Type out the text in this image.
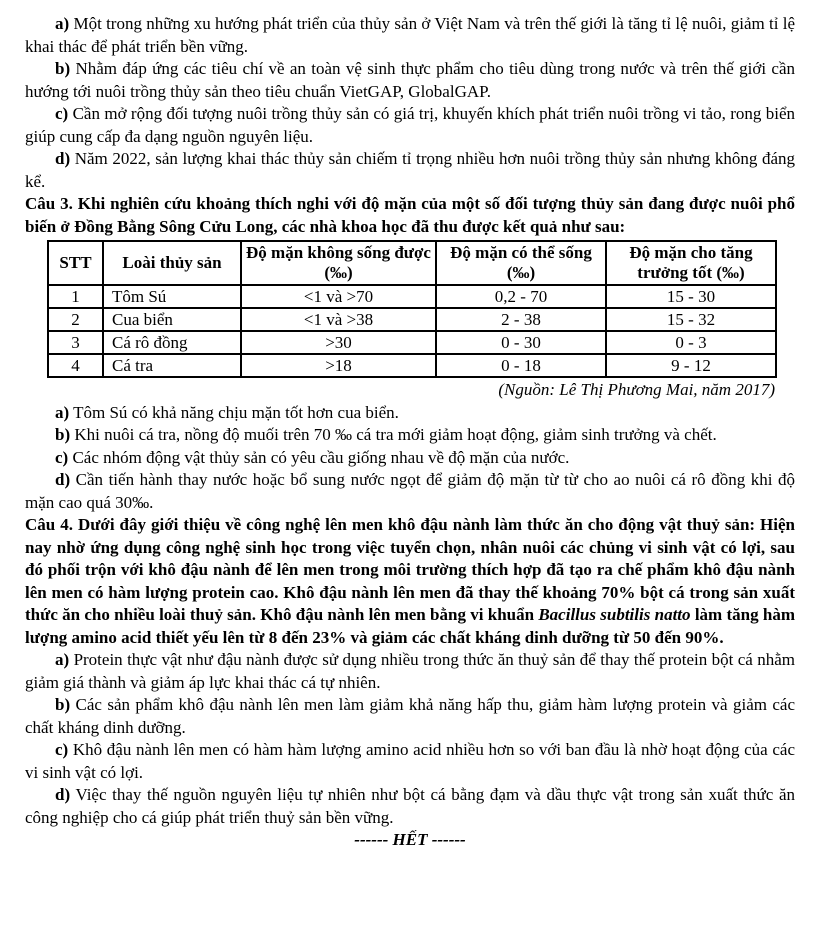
a) Một trong những xu hướng phát triển của thủy sản ở Việt Nam và trên thế giới là tăng tỉ lệ nuôi, giảm tỉ lệ khai thác để phát triển bền vững.

b) Nhằm đáp ứng các tiêu chí về an toàn vệ sinh thực phẩm cho tiêu dùng trong nước và trên thế giới cần hướng tới nuôi trồng thủy sản theo tiêu chuẩn VietGAP, GlobalGAP.

c) Cần mở rộng đối tượng nuôi trồng thủy sản có giá trị, khuyến khích phát triển nuôi trồng vi tảo, rong biển giúp cung cấp đa dạng nguồn nguyên liệu.

d) Năm 2022, sản lượng khai thác thủy sản chiếm tỉ trọng nhiều hơn nuôi trồng thủy sản nhưng không đáng kể.

Câu 3. Khi nghiên cứu khoảng thích nghi với độ mặn của một số đối tượng thủy sản đang được nuôi phổ biến ở Đồng Bằng Sông Cửu Long, các nhà khoa học đã thu được kết quả như sau:

STT	Loài thủy sản	Độ mặn không sống được (‰)	Độ mặn có thể sống (‰)	Độ mặn cho tăng trưởng tốt (‰)
1	Tôm Sú	<1 và >70	0,2 - 70	15 - 30
2	Cua biển	<1 và >38	2 - 38	15 - 32
3	Cá rô đồng	>30	0 - 30	0 - 3
4	Cá tra	>18	0 - 18	9 - 12
(Nguồn: Lê Thị Phương Mai, năm 2017)

a) Tôm Sú có khả năng chịu mặn tốt hơn cua biển.

b) Khi nuôi cá tra, nồng độ muối trên 70 ‰ cá tra mới giảm hoạt động, giảm sinh trưởng và chết.

c) Các nhóm động vật thủy sản có yêu cầu giống nhau về độ mặn của nước.

d) Cần tiến hành thay nước hoặc bổ sung nước ngọt để giảm độ mặn từ từ cho ao nuôi cá rô đồng khi độ mặn cao quá 30‰.

Câu 4. Dưới đây giới thiệu về công nghệ lên men khô đậu nành làm thức ăn cho động vật thuỷ sản: Hiện nay nhờ ứng dụng công nghệ sinh học trong việc tuyển chọn, nhân nuôi các chủng vi sinh vật có lợi, sau đó phối trộn với khô đậu nành để lên men trong môi trường thích hợp đã tạo ra chế phẩm khô đậu nành lên men có hàm lượng protein cao. Khô đậu nành lên men đã thay thế khoảng 70% bột cá trong sản xuất thức ăn cho nhiều loài thuỷ sản. Khô đậu nành lên men bằng vi khuẩn Bacillus subtilis natto làm tăng hàm lượng amino acid thiết yếu lên từ 8 đến 23% và giảm các chất kháng dinh dưỡng từ 50 đến 90%.

a) Protein thực vật như đậu nành được sử dụng nhiều trong thức ăn thuỷ sản để thay thế protein bột cá nhằm giảm giá thành và giảm áp lực khai thác cá tự nhiên.

b) Các sản phẩm khô đậu nành lên men làm giảm khả năng hấp thu, giảm hàm lượng protein và giảm các chất kháng dinh dưỡng.

c) Khô đậu nành lên men có hàm hàm lượng amino acid nhiều hơn so với ban đầu là nhờ hoạt động của các vi sinh vật có lợi.

d) Việc thay thế nguồn nguyên liệu tự nhiên như bột cá bằng đạm và dầu thực vật trong sản xuất thức ăn công nghiệp cho cá giúp phát triển thuỷ sản bền vững.

------ HẾT ------
